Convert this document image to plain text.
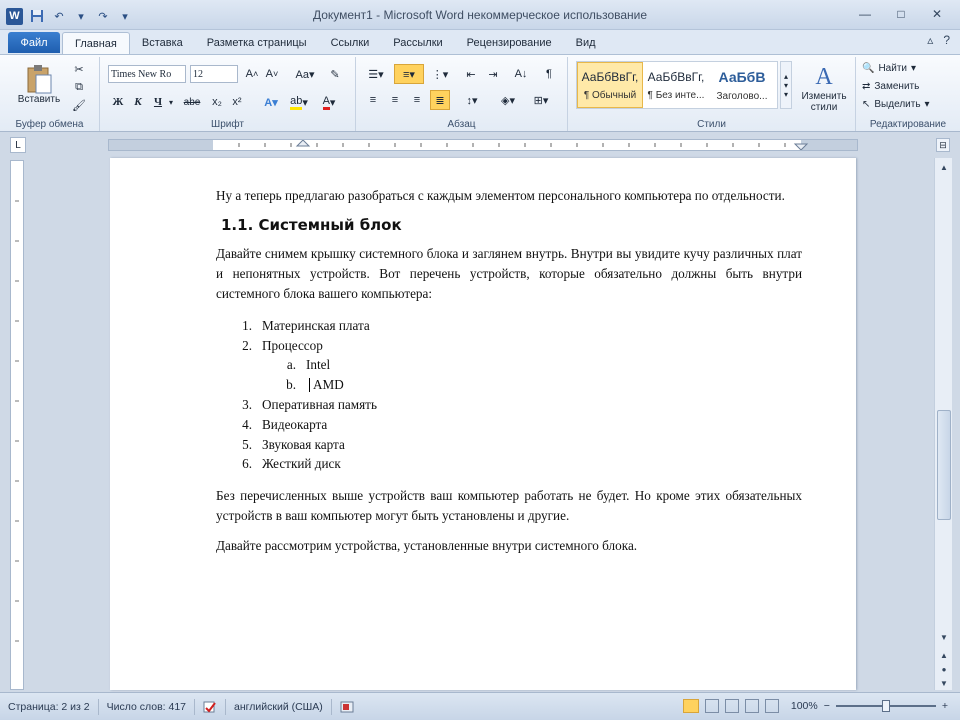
W	↶	▾	↷	▾	Документ1 - Microsoft Word некоммерческое использование	—	□	✕
Файл	Главная	Вставка	Разметка страницы	Ссылки	Рассылки	Рецензирование	Вид	▵ ?
Вставить
✂
⧉
🖌
Буфер обмена
Times New Ro	12	A ˄ A ˅ Aa▾	✎
Ж К	Ч ▾	abe	x₂ x²	A▾	ab ▾	A ▾
Шрифт
☰▾	≡▾	⋮▾	⇤	⇥	A↓	¶
≡	≡	≡	≣	↕▾	◈▾	⊞▾
Абзац	Стили
АаБбВвГг,
¶ Обычный
АаБбВвГг,
¶ Без инте...
АаБбВ
Заголово...
▴
▾
▾
A
Изменить стили
🔍 Найти ▾
⇄ Заменить
↖ Выделить ▾
Редактирование
L	⊟

Ну а теперь предлагаю разобраться с каждым элементом персонального компьютера по отдельности.

1.1. Системный блок

Давайте снимем крышку системного блока и заглянем внутрь. Внутри вы увидите кучу различных плат и непонятных устройств. Вот перечень устройств, которые обязательно должны быть внутри системного блока вашего компьютера:

1. Материнская плата
2. Процессор
a. Intel
b.	AMD
3. Оперативная память
4. Видеокарта
5. Звуковая карта
6. Жесткий диск

Без перечисленных выше устройств ваш компьютер работать не будет. Но кроме этих обязательных устройств в ваш компьютер могут быть установлены и другие.

Давайте рассмотрим устройства, установленные внутри системного блока.

▲
▼
▲
●
▼
Страница: 2 из 2	Число слов: 417	английский (США)	100% −	+
